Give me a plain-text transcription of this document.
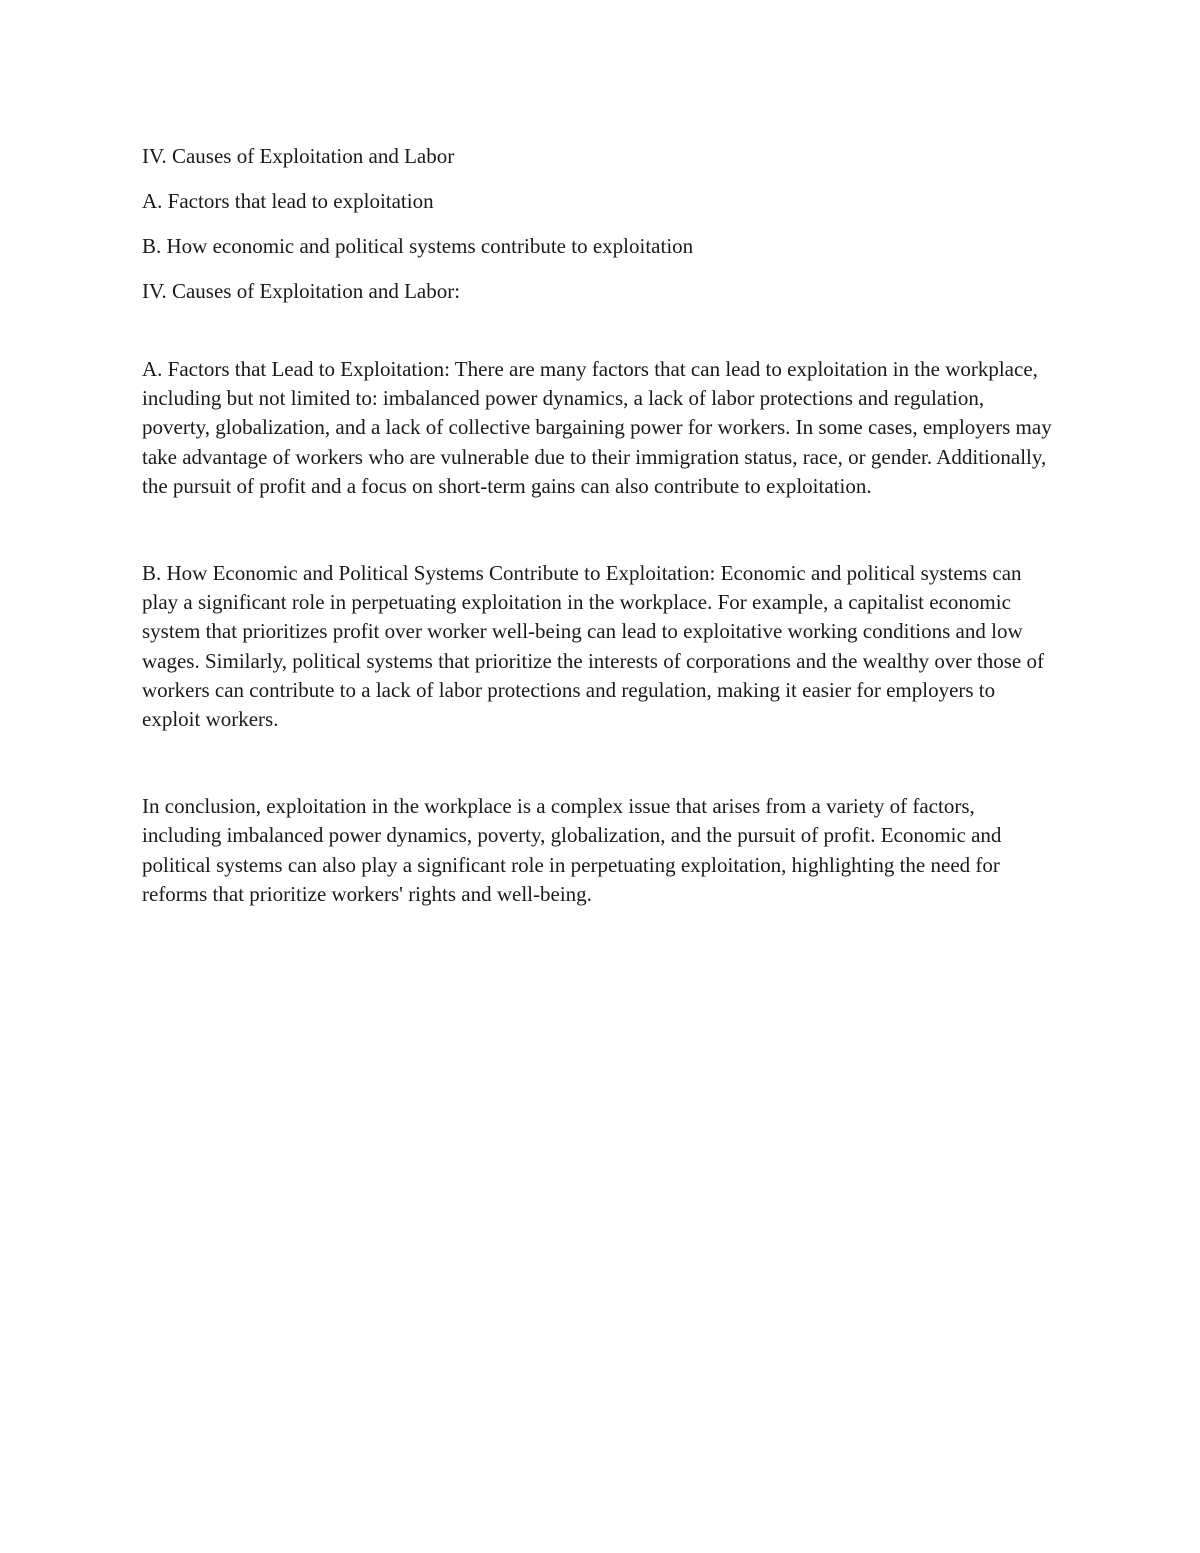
IV. Causes of Exploitation and Labor

A. Factors that lead to exploitation

B. How economic and political systems contribute to exploitation

IV. Causes of Exploitation and Labor:

A. Factors that Lead to Exploitation: There are many factors that can lead to exploitation in the workplace, including but not limited to: imbalanced power dynamics, a lack of labor protections and regulation, poverty, globalization, and a lack of collective bargaining power for workers. In some cases, employers may take advantage of workers who are vulnerable due to their immigration status, race, or gender. Additionally, the pursuit of profit and a focus on short-term gains can also contribute to exploitation.

B. How Economic and Political Systems Contribute to Exploitation: Economic and political systems can play a significant role in perpetuating exploitation in the workplace. For example, a capitalist economic system that prioritizes profit over worker well-being can lead to exploitative working conditions and low wages. Similarly, political systems that prioritize the interests of corporations and the wealthy over those of workers can contribute to a lack of labor protections and regulation, making it easier for employers to exploit workers.

In conclusion, exploitation in the workplace is a complex issue that arises from a variety of factors, including imbalanced power dynamics, poverty, globalization, and the pursuit of profit. Economic and political systems can also play a significant role in perpetuating exploitation, highlighting the need for reforms that prioritize workers' rights and well-being.
